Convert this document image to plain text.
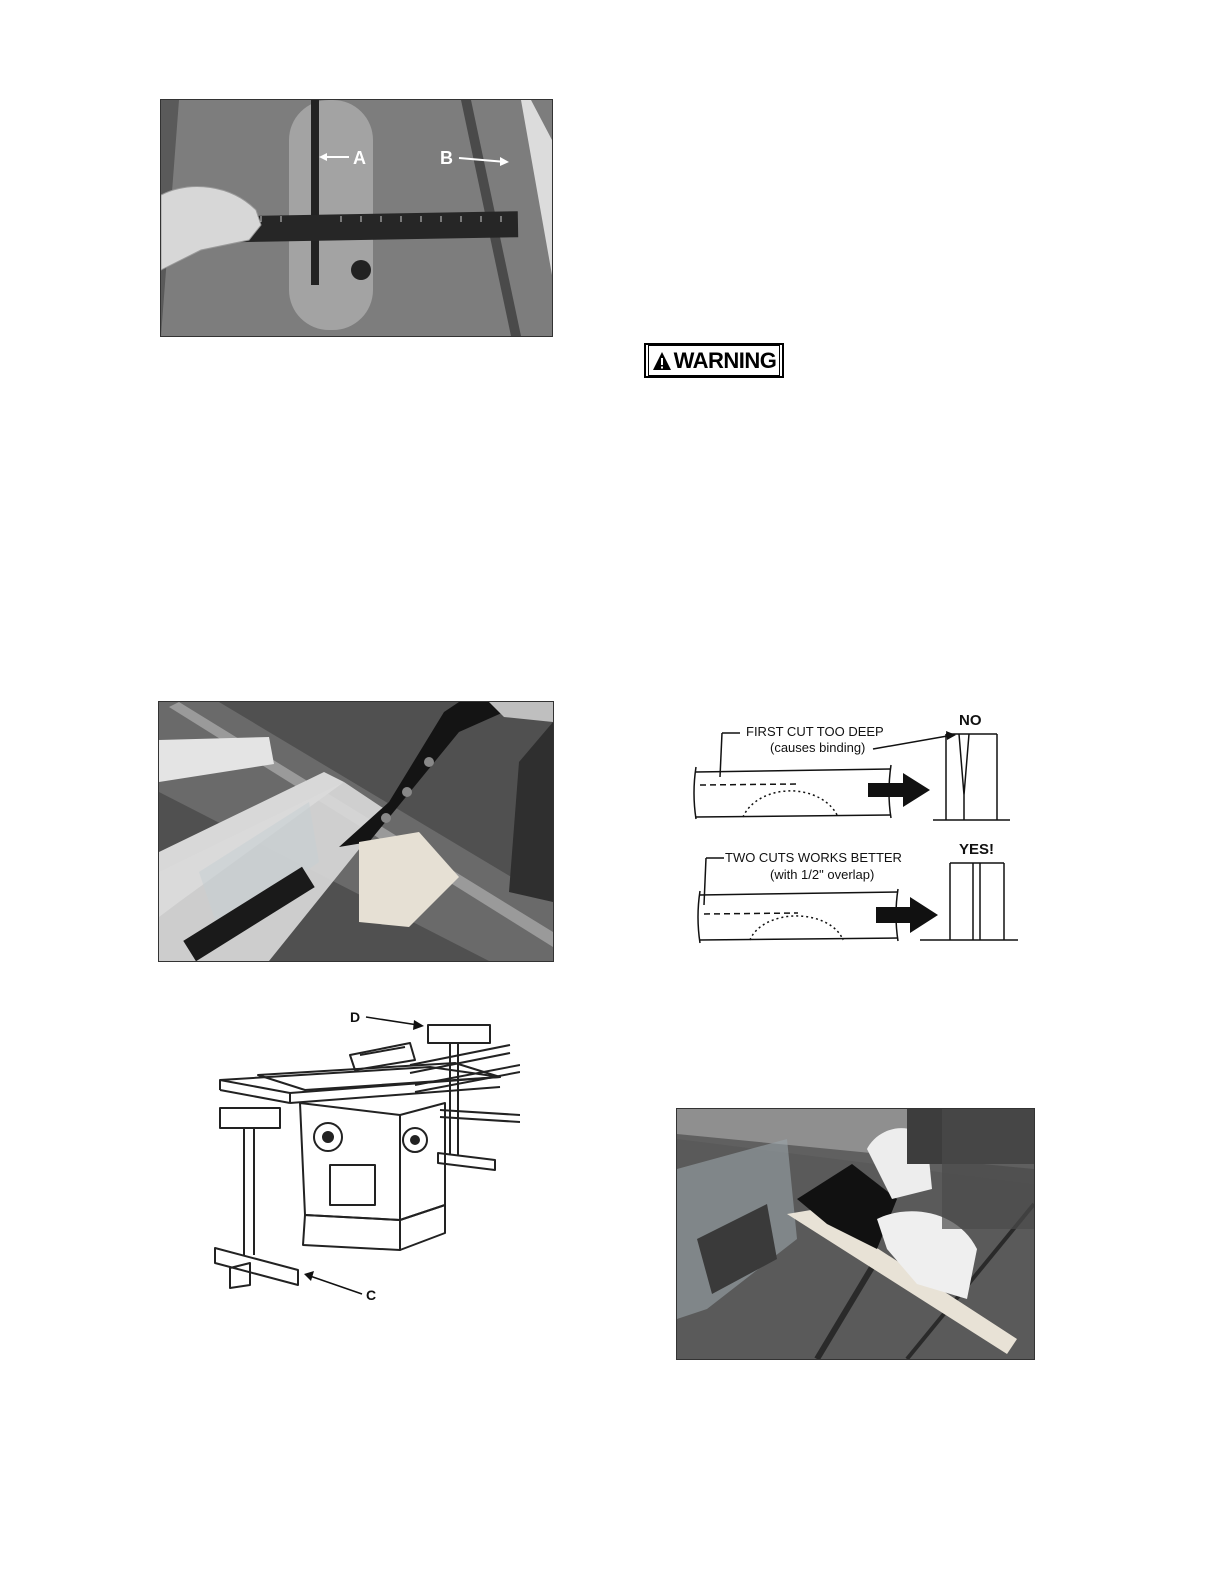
A	B
WARNING
D
C
NO
FIRST CUT TOO DEEP
(causes binding)
YES!
TWO CUTS WORKS BETTER
(with 1/2" overlap)
